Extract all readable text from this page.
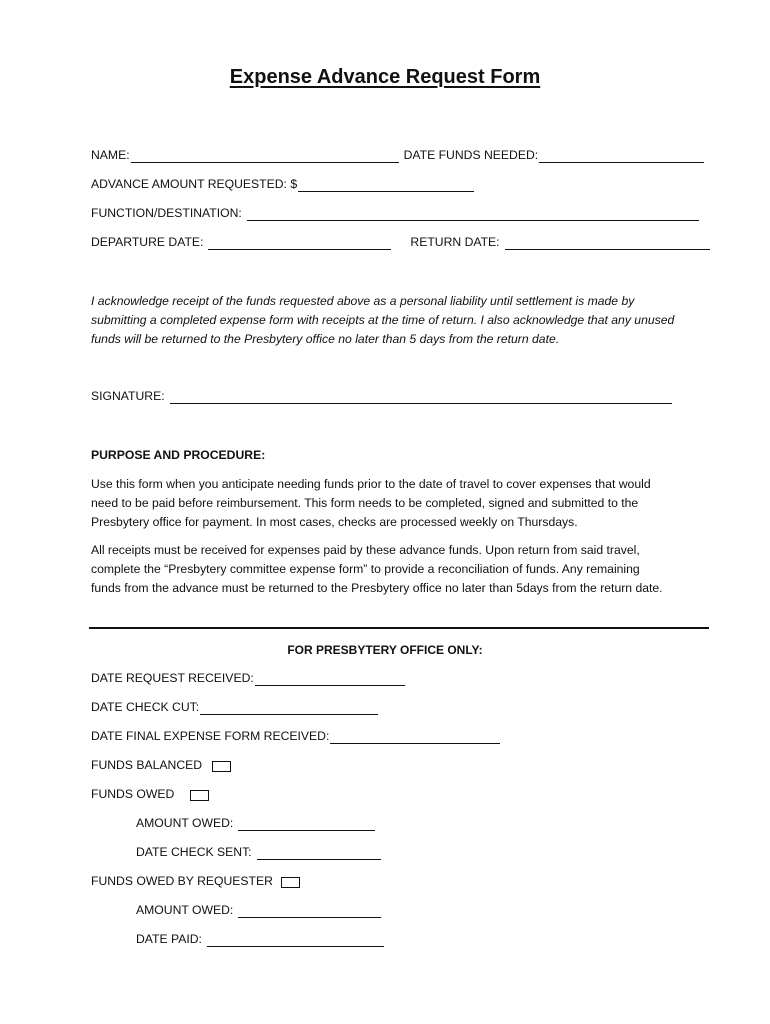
Expense Advance Request Form
NAME:	DATE FUNDS NEEDED:
ADVANCE AMOUNT REQUESTED: $
FUNCTION/DESTINATION:
DEPARTURE DATE:	RETURN DATE:
I acknowledge receipt of the funds requested above as a personal liability until settlement is made by
submitting a completed expense form with receipts at the time of return. I also acknowledge that any unused
funds will be returned to the Presbytery office no later than 5 days from the return date.
SIGNATURE:
PURPOSE AND PROCEDURE:
Use this form when you anticipate needing funds prior to the date of travel to cover expenses that would
need to be paid before reimbursement. This form needs to be completed, signed and submitted to the
Presbytery office for payment. In most cases, checks are processed weekly on Thursdays.
All receipts must be received for expenses paid by these advance funds. Upon return from said travel,
complete the “Presbytery committee expense form” to provide a reconciliation of funds. Any remaining
funds from the advance must be returned to the Presbytery office no later than 5days from the return date.
FOR PRESBYTERY OFFICE ONLY:
DATE REQUEST RECEIVED:
DATE CHECK CUT:
DATE FINAL EXPENSE FORM RECEIVED:
FUNDS BALANCED
FUNDS OWED
AMOUNT OWED:
DATE CHECK SENT:
FUNDS OWED BY REQUESTER
AMOUNT OWED:
DATE PAID:
